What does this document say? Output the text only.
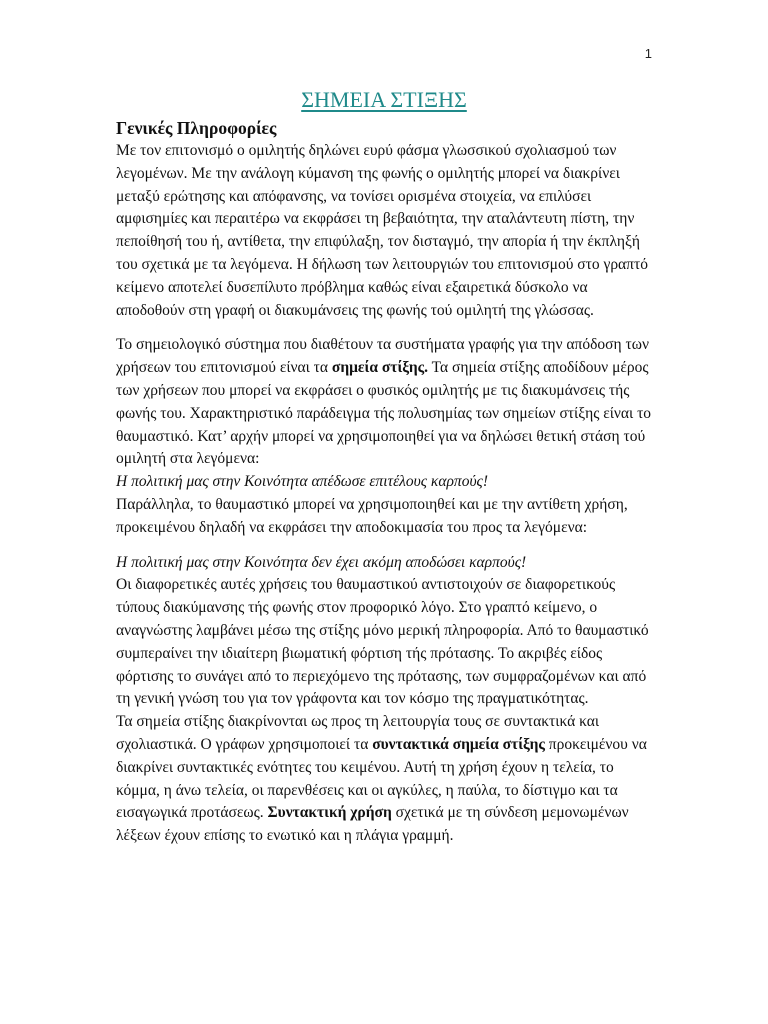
1
ΣΗΜΕΙΑ ΣΤΙΞΗΣ
Γενικές Πληροφορίες

Με τον επιτονισμό ο ομιλητής δηλώνει ευρύ φάσμα γλωσσικού σχολιασμού των λεγομένων. Με την ανάλογη κύμανση της φωνής ο ομιλητής μπορεί να διακρίνει μεταξύ ερώτησης και απόφανσης, να τονίσει ορισμένα στοιχεία, να επιλύσει αμφισημίες και περαιτέρω να εκφράσει τη βεβαιότητα, την αταλάντευτη πίστη, την πεποίθησή του ή, αντίθετα, την επιφύλαξη, τον δισταγμό, την απορία ή την έκπληξή του σχετικά με τα λεγόμενα. Η δήλωση των λειτουργιών του επιτονισμού στο γραπτό κείμενο αποτελεί δυσεπίλυτο πρόβλημα καθώς είναι εξαιρετικά δύσκολο να αποδοθούν στη γραφή οι διακυμάνσεις της φωνής τού ομιλητή της γλώσσας.

Το σημειολογικό σύστημα που διαθέτουν τα συστήματα γραφής για την απόδοση των χρήσεων του επιτονισμού είναι τα σημεία στίξης. Τα σημεία στίξης αποδίδουν μέρος των χρήσεων που μπορεί να εκφράσει ο φυσικός ομιλητής με τις διακυμάνσεις τής φωνής του. Χαρακτηριστικό παράδειγμα τής πολυσημίας των σημείων στίξης είναι το θαυμαστικό. Κατ’ αρχήν μπορεί να χρησιμοποιηθεί για να δηλώσει θετική στάση τού ομιλητή στα λεγόμενα:

Η πολιτική μας στην Κοινότητα απέδωσε επιτέλους καρπούς!

Παράλληλα, το θαυμαστικό μπορεί να χρησιμοποιηθεί και με την αντίθετη χρήση, προκειμένου δηλαδή να εκφράσει την αποδοκιμασία του προς τα λεγόμενα:

Η πολιτική μας στην Κοινότητα δεν έχει ακόμη αποδώσει καρπούς!

Οι διαφορετικές αυτές χρήσεις του θαυμαστικού αντιστοιχούν σε διαφορετικούς τύπους διακύμανσης τής φωνής στον προφορικό λόγο. Στο γραπτό κείμενο, ο αναγνώστης λαμβάνει μέσω της στίξης μόνο μερική πληροφορία. Από το θαυμαστικό συμπεραίνει την ιδιαίτερη βιωματική φόρτιση τής πρότασης. Το ακριβές είδος φόρτισης το συνάγει από το περιεχόμενο της πρότασης, των συμφραζομένων και από τη γενική γνώση του για τον γράφοντα και τον κόσμο της πραγματικότητας.

Τα σημεία στίξης διακρίνονται ως προς τη λειτουργία τους σε συντακτικά και σχολιαστικά. Ο γράφων χρησιμοποιεί τα συντακτικά σημεία στίξης προκειμένου να διακρίνει συντακτικές ενότητες του κειμένου. Αυτή τη χρήση έχουν η τελεία, το κόμμα, η άνω τελεία, οι παρενθέσεις και οι αγκύλες, η παύλα, το δίστιγμο και τα εισαγωγικά προτάσεως. Συντακτική χρήση σχετικά με τη σύνδεση μεμονωμένων λέξεων έχουν επίσης το ενωτικό και η πλάγια γραμμή.
